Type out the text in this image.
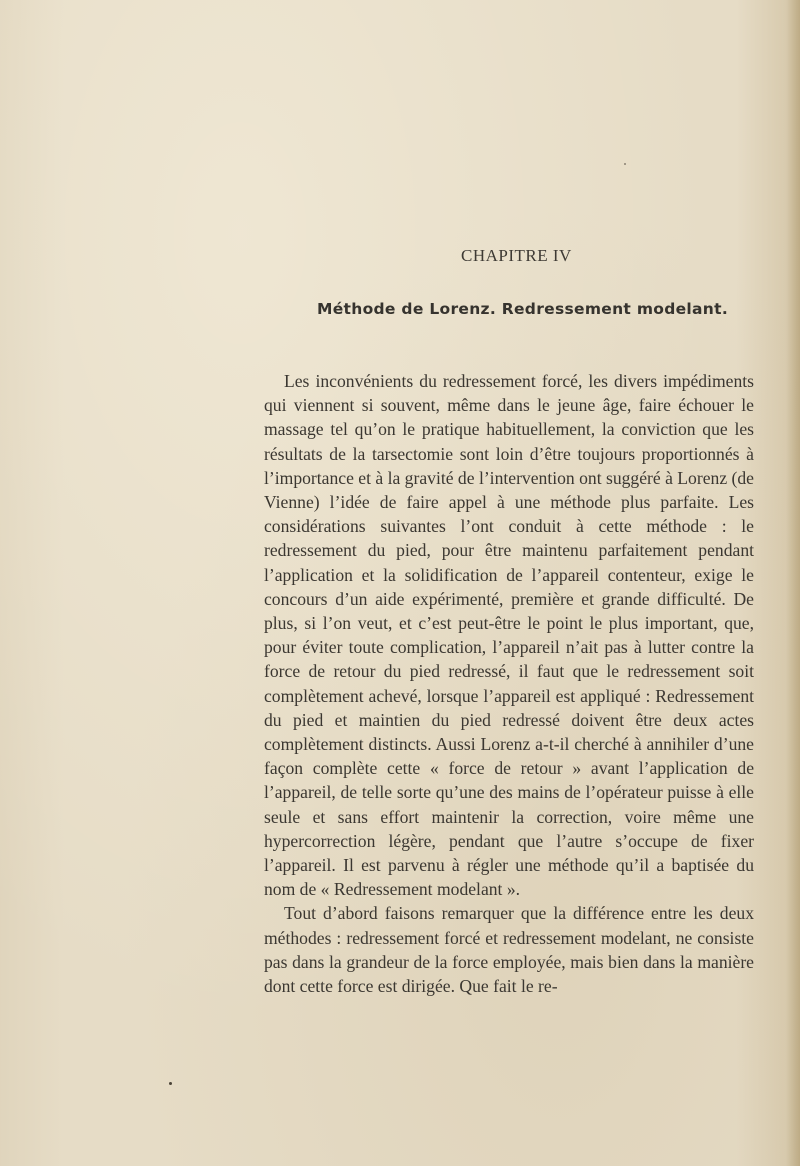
CHAPITRE IV
Méthode de Lorenz. Redressement modelant.

Les inconvénients du redressement forcé, les divers impédiments qui viennent si souvent, même dans le jeune âge, faire échouer le massage tel qu’on le pratique habituellement, la conviction que les résultats de la tarsectomie sont loin d’être toujours proportionnés à l’importance et à la gravité de l’intervention ont suggéré à Lorenz (de Vienne) l’idée de faire appel à une méthode plus parfaite. Les considérations suivantes l’ont conduit à cette méthode : le redressement du pied, pour être maintenu parfaitement pendant l’application et la solidification de l’appareil contenteur, exige le concours d’un aide expérimenté, première et grande difficulté. De plus, si l’on veut, et c’est peut-être le point le plus important, que, pour éviter toute complication, l’appareil n’ait pas à lutter contre la force de retour du pied redressé, il faut que le redressement soit complètement achevé, lorsque l’appareil est appliqué : Redressement du pied et maintien du pied redressé doivent être deux actes complètement distincts. Aussi Lorenz a-t-il cherché à annihiler d’une façon complète cette « force de retour » avant l’application de l’appareil, de telle sorte qu’une des mains de l’opérateur puisse à elle seule et sans effort maintenir la correction, voire même une hypercorrection légère, pendant que l’autre s’occupe de fixer l’appareil. Il est parvenu à régler une méthode qu’il a baptisée du nom de « Redressement modelant ».

Tout d’abord faisons remarquer que la différence entre les deux méthodes : redressement forcé et redressement modelant, ne consiste pas dans la grandeur de la force employée, mais bien dans la manière dont cette force est dirigée. Que fait le re-
